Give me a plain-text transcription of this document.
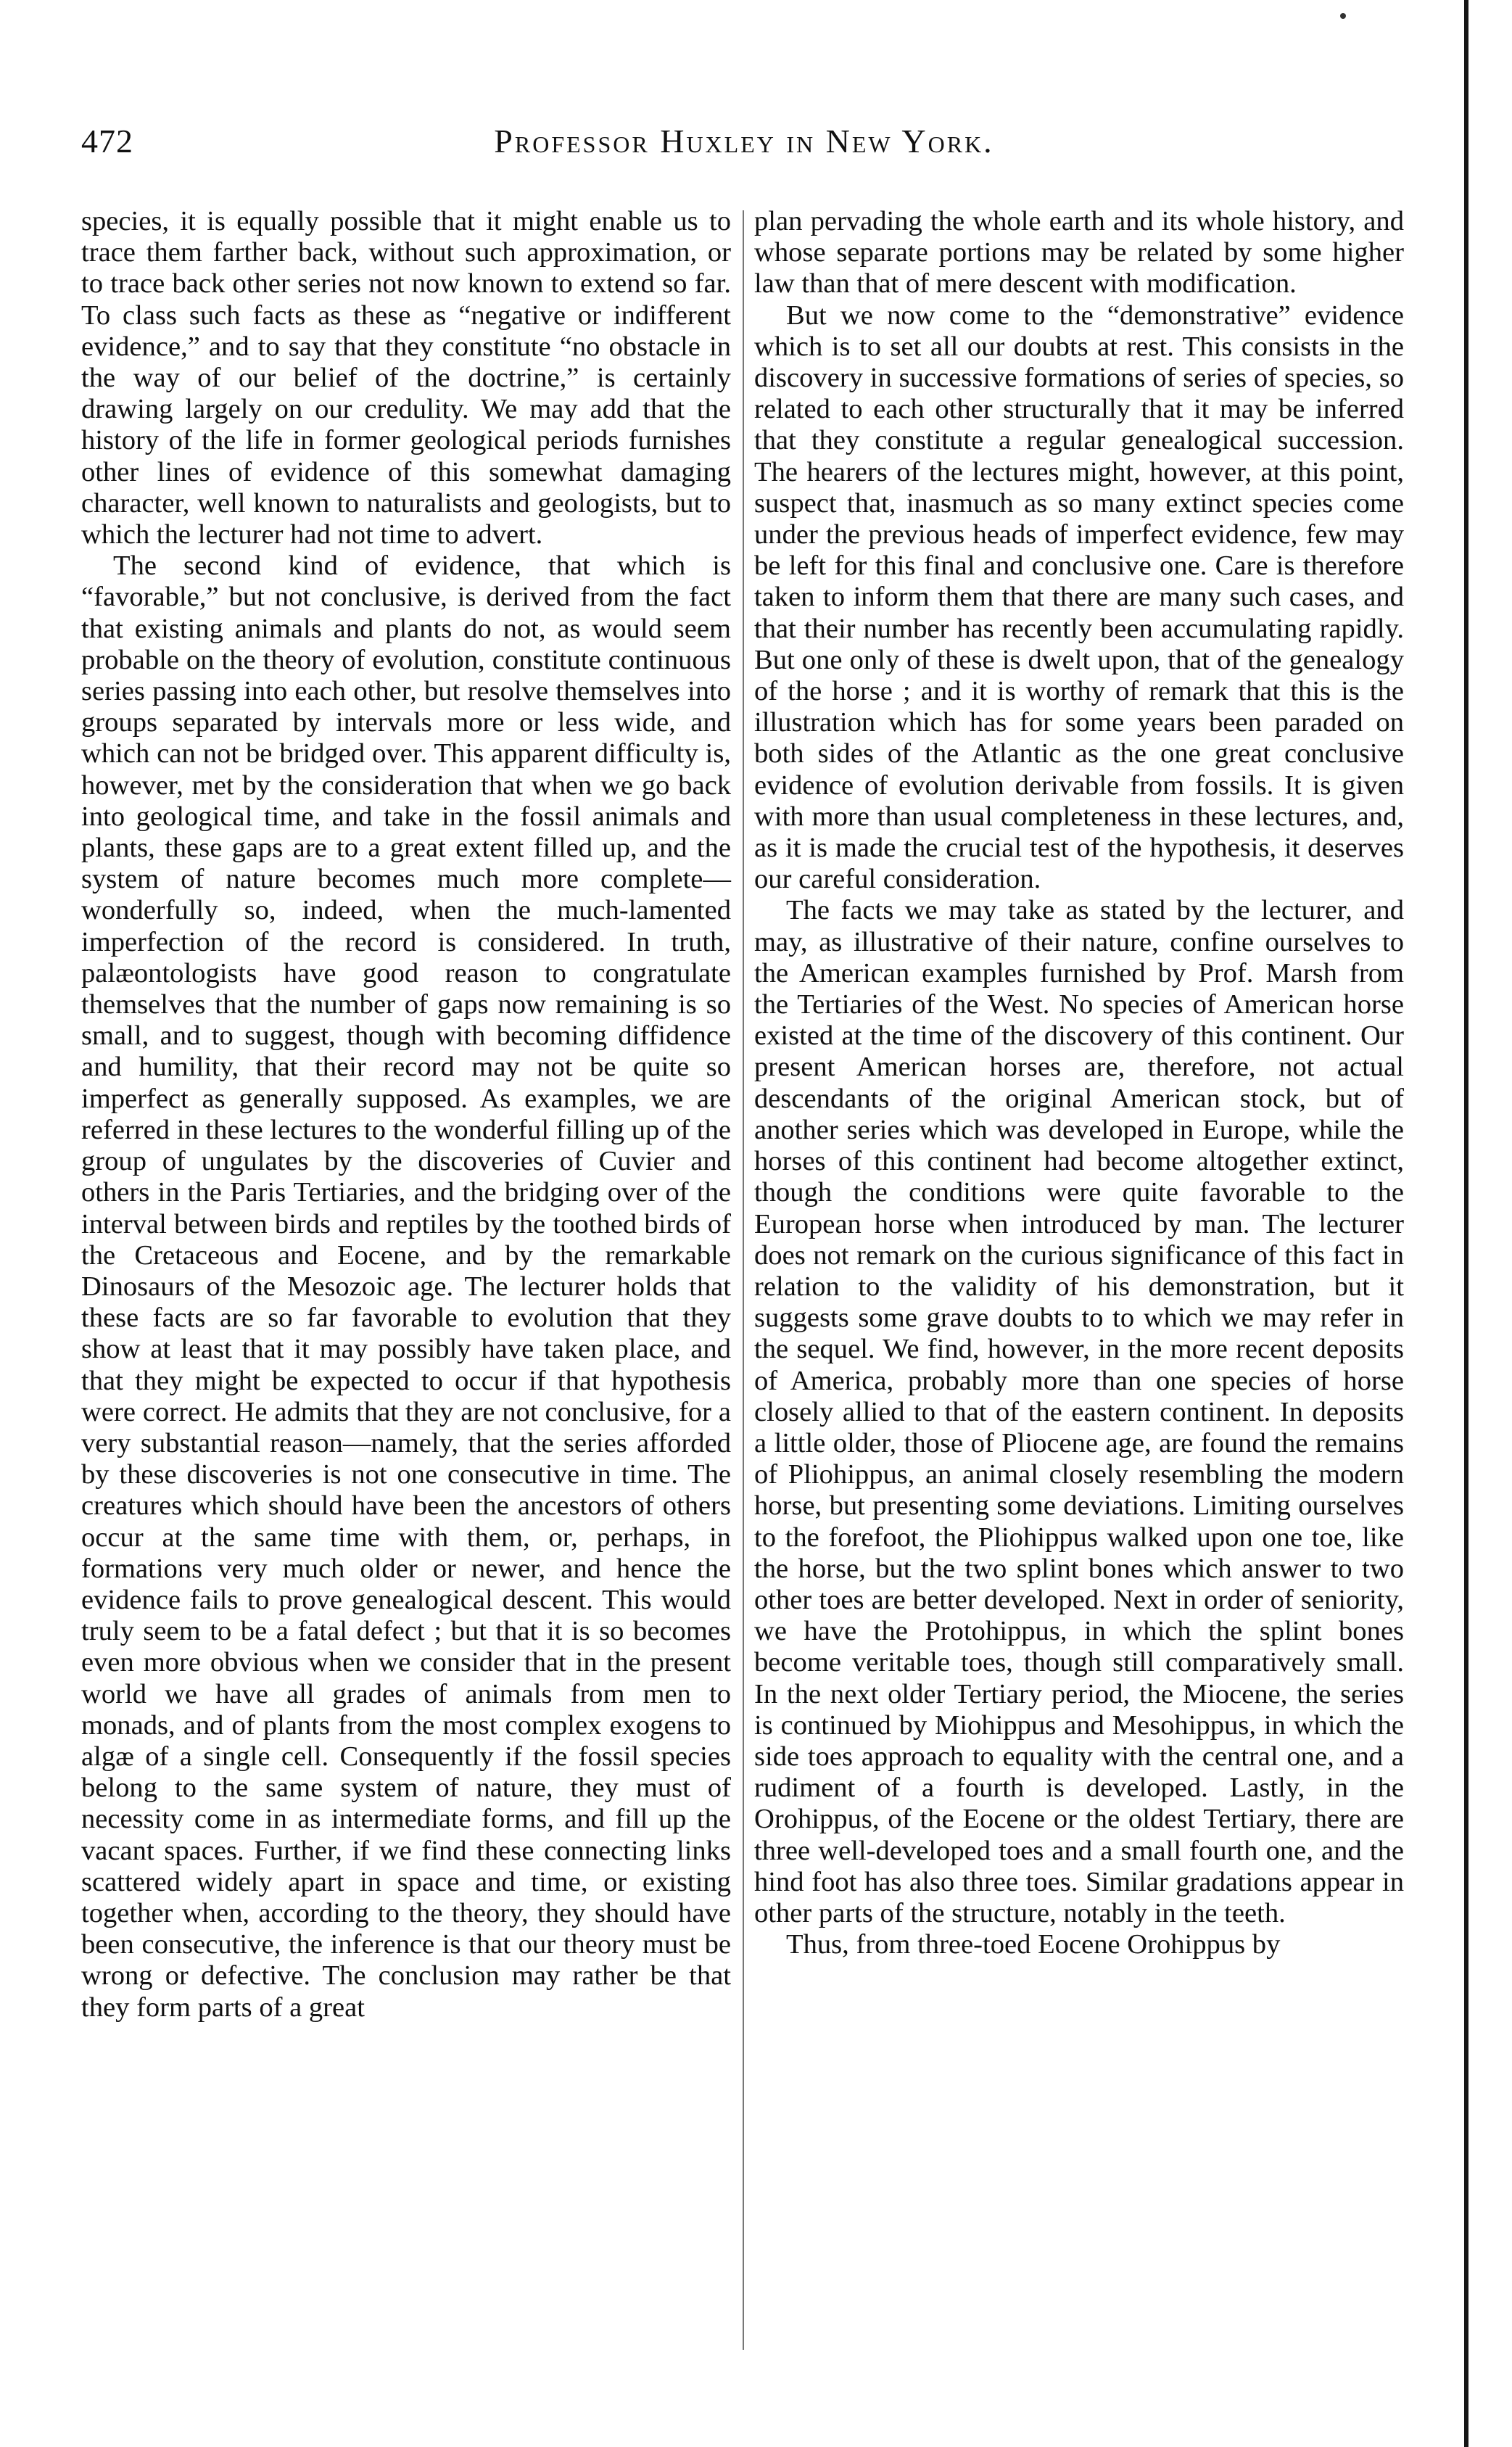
472	Professor Huxley in New York.

species, it is equally possible that it might enable us to trace them farther back, without such approximation, or to trace back other series not now known to extend so far. To class such facts as these as “negative or indifferent evidence,” and to say that they constitute “no obstacle in the way of our belief of the doctrine,” is certainly drawing largely on our credulity. We may add that the history of the life in former geological periods furnishes other lines of evidence of this somewhat damaging character, well known to naturalists and geologists, but to which the lecturer had not time to advert.

The second kind of evidence, that which is “favorable,” but not conclusive, is derived from the fact that existing animals and plants do not, as would seem probable on the theory of evolution, constitute continuous series passing into each other, but resolve themselves into groups separated by intervals more or less wide, and which can not be bridged over. This apparent difficulty is, however, met by the consideration that when we go back into geological time, and take in the fossil animals and plants, these gaps are to a great extent filled up, and the system of nature becomes much more complete—wonderfully so, indeed, when the much-lamented imperfection of the record is considered. In truth, palæontologists have good reason to congratulate themselves that the number of gaps now remaining is so small, and to suggest, though with becoming diffidence and humility, that their record may not be quite so imperfect as generally supposed. As examples, we are referred in these lectures to the wonderful filling up of the group of ungulates by the discoveries of Cuvier and others in the Paris Tertiaries, and the bridging over of the interval between birds and reptiles by the toothed birds of the Cretaceous and Eocene, and by the remarkable Dinosaurs of the Mesozoic age. The lecturer holds that these facts are so far favorable to evolution that they show at least that it may possibly have taken place, and that they might be expected to occur if that hypothesis were correct. He admits that they are not conclusive, for a very substantial reason—namely, that the series afforded by these discoveries is not one consecutive in time. The creatures which should have been the ancestors of others occur at the same time with them, or, perhaps, in formations very much older or newer, and hence the evidence fails to prove genealogical descent. This would truly seem to be a fatal defect ; but that it is so becomes even more obvious when we consider that in the present world we have all grades of animals from men to monads, and of plants from the most complex exogens to algæ of a single cell. Consequently if the fossil species belong to the same system of nature, they must of necessity come in as intermediate forms, and fill up the vacant spaces. Further, if we find these connecting links scattered widely apart in space and time, or existing together when, according to the theory, they should have been consecutive, the inference is that our theory must be wrong or defective. The conclusion may rather be that they form parts of a great

plan pervading the whole earth and its whole history, and whose separate portions may be related by some higher law than that of mere descent with modification.

But we now come to the “demonstrative” evidence which is to set all our doubts at rest. This consists in the discovery in successive formations of series of species, so related to each other structurally that it may be inferred that they constitute a regular genealogical succession. The hearers of the lectures might, however, at this point, suspect that, inasmuch as so many extinct species come under the previous heads of imperfect evidence, few may be left for this final and conclusive one. Care is therefore taken to inform them that there are many such cases, and that their number has recently been accumulating rapidly. But one only of these is dwelt upon, that of the genealogy of the horse ; and it is worthy of remark that this is the illustration which has for some years been paraded on both sides of the Atlantic as the one great conclusive evidence of evolution derivable from fossils. It is given with more than usual completeness in these lectures, and, as it is made the crucial test of the hypothesis, it deserves our careful consideration.

The facts we may take as stated by the lecturer, and may, as illustrative of their nature, confine ourselves to the American examples furnished by Prof. Marsh from the Tertiaries of the West. No species of American horse existed at the time of the discovery of this continent. Our present American horses are, therefore, not actual descendants of the original American stock, but of another series which was developed in Europe, while the horses of this continent had become altogether extinct, though the conditions were quite favorable to the European horse when introduced by man. The lecturer does not remark on the curious significance of this fact in relation to the validity of his demonstration, but it suggests some grave doubts to to which we may refer in the sequel. We find, however, in the more recent deposits of America, probably more than one species of horse closely allied to that of the eastern continent. In deposits a little older, those of Pliocene age, are found the remains of Pliohippus, an animal closely resembling the modern horse, but presenting some deviations. Limiting ourselves to the forefoot, the Pliohippus walked upon one toe, like the horse, but the two splint bones which answer to two other toes are better developed. Next in order of seniority, we have the Protohippus, in which the splint bones become veritable toes, though still comparatively small. In the next older Tertiary period, the Miocene, the series is continued by Miohippus and Mesohippus, in which the side toes approach to equality with the central one, and a rudiment of a fourth is developed. Lastly, in the Orohippus, of the Eocene or the oldest Tertiary, there are three well-developed toes and a small fourth one, and the hind foot has also three toes. Similar gradations appear in other parts of the structure, notably in the teeth.

Thus, from three-toed Eocene Orohippus by
